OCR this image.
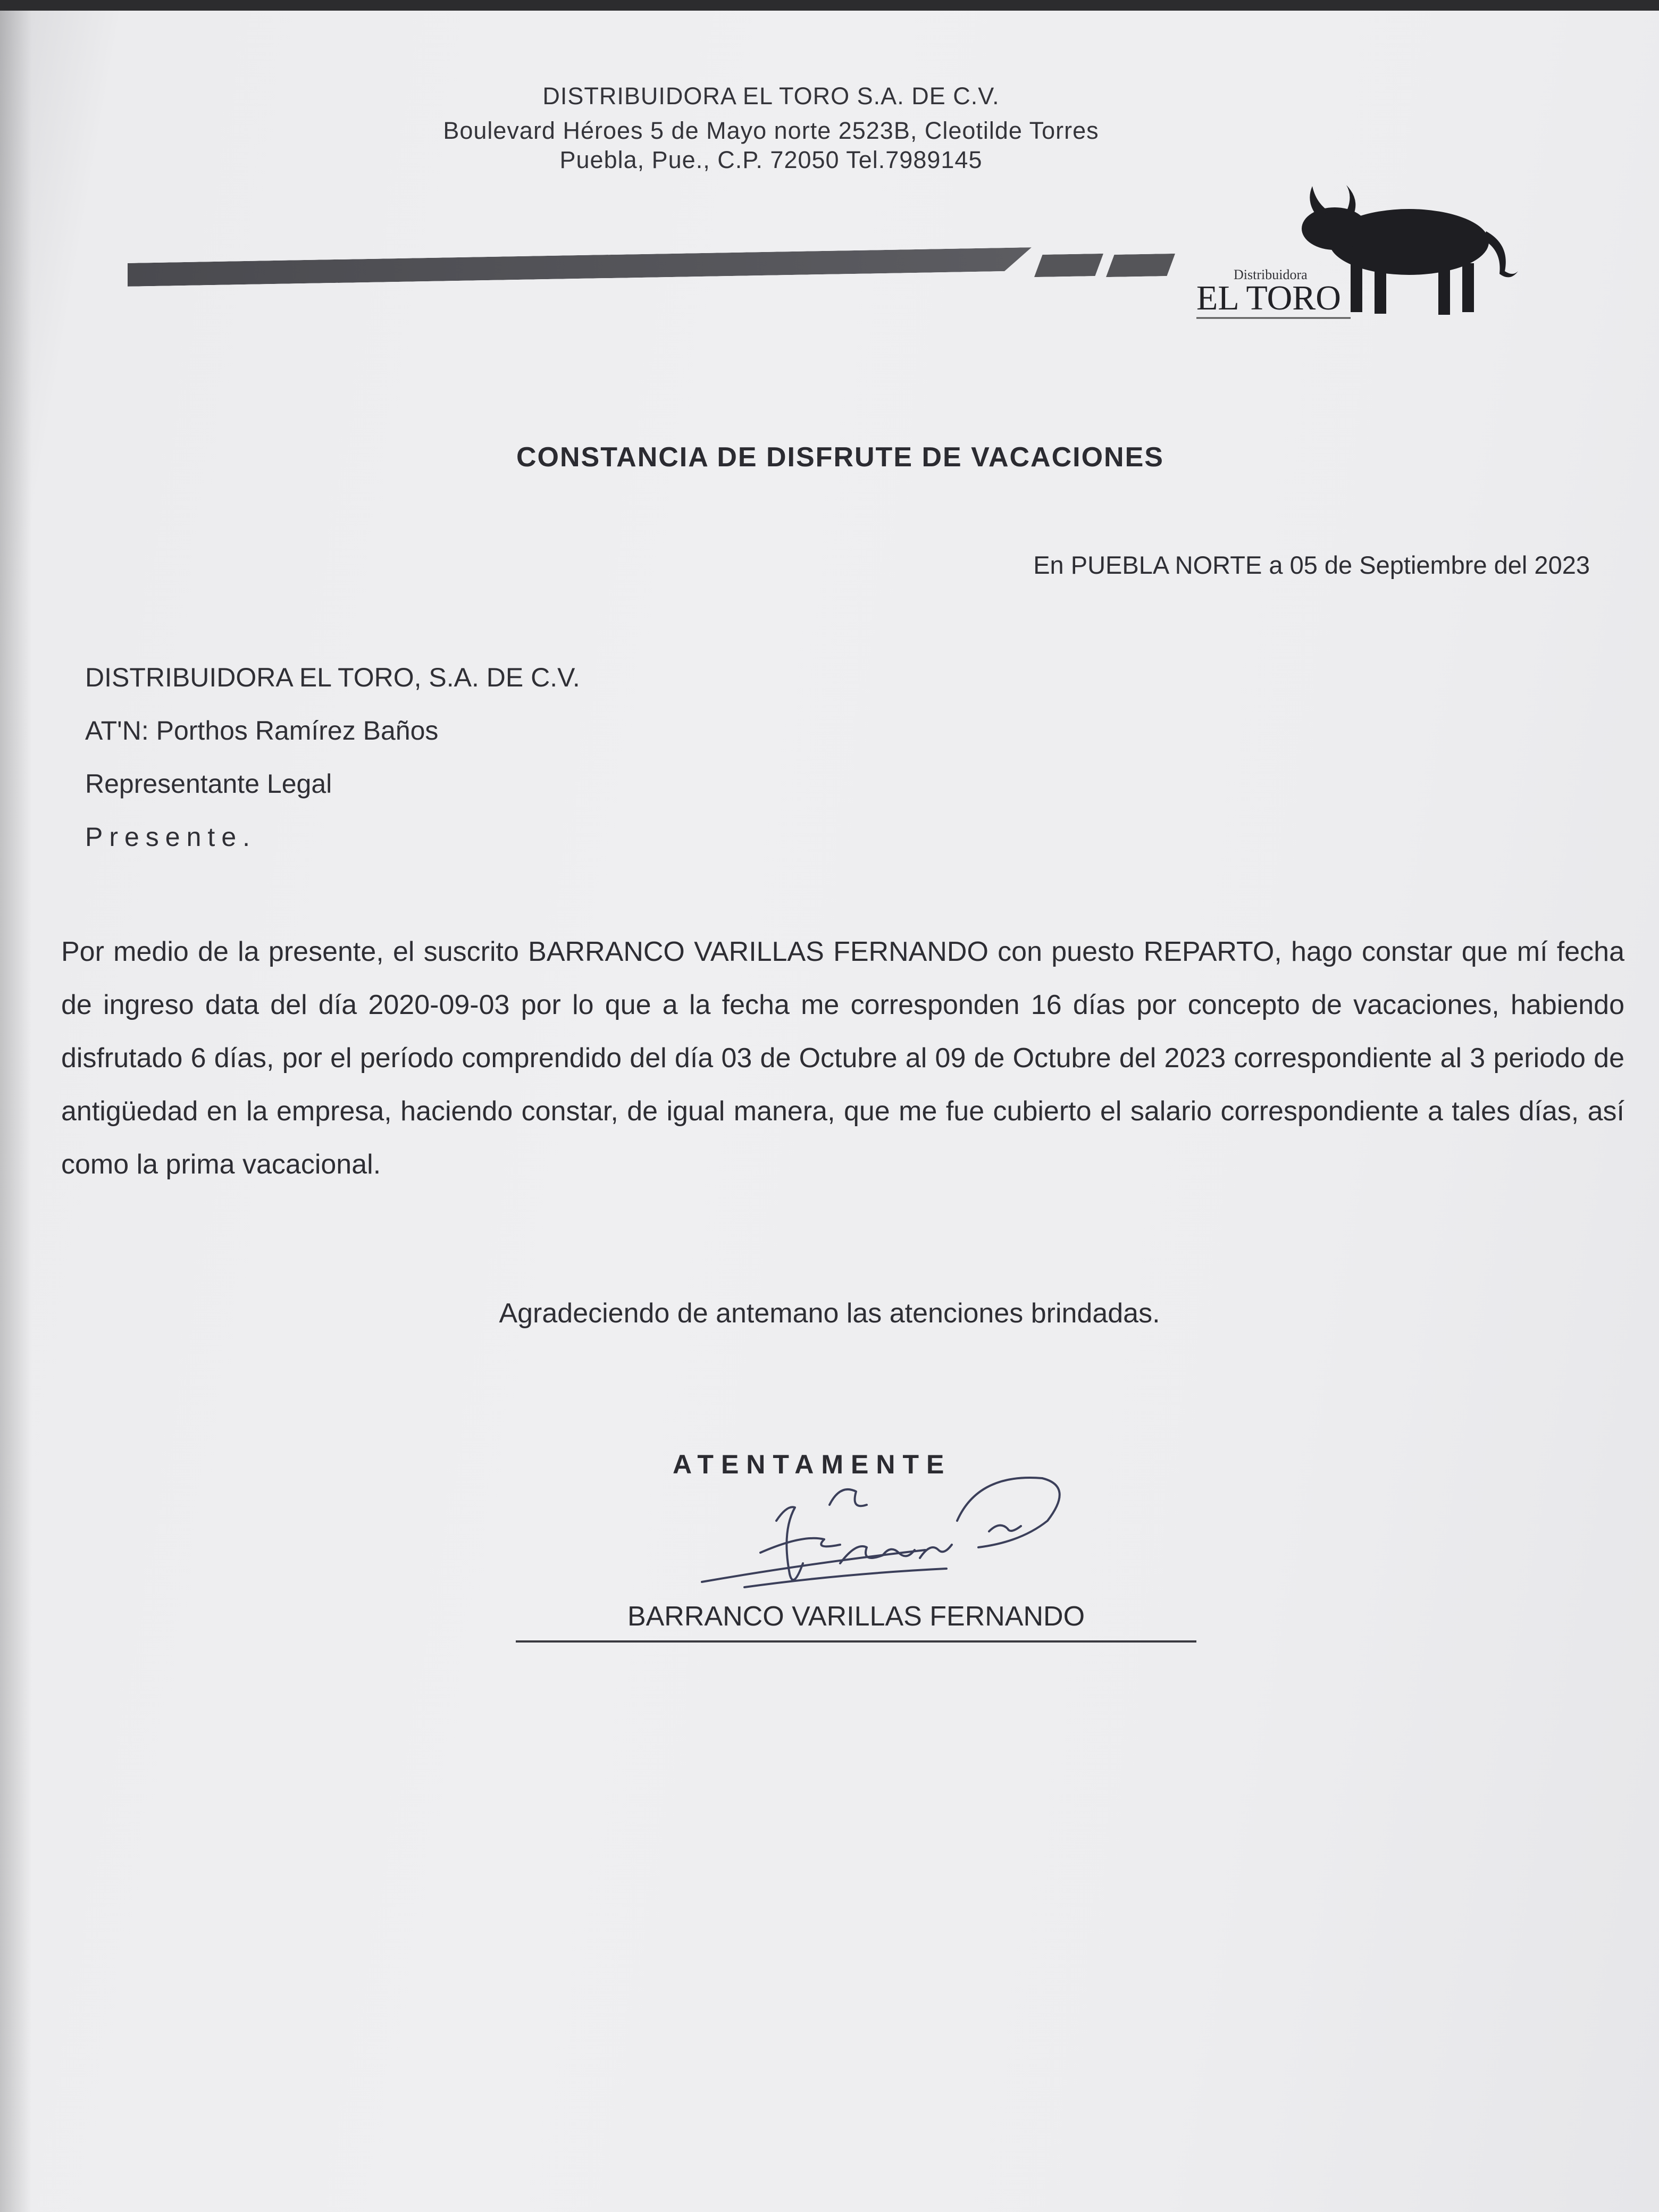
DISTRIBUIDORA EL TORO S.A. DE C.V.
Boulevard Héroes 5 de Mayo norte 2523B, Cleotilde Torres
Puebla, Pue., C.P. 72050 Tel.7989145
Distribuidora
EL TORO
CONSTANCIA DE DISFRUTE DE VACACIONES
En PUEBLA NORTE a 05 de Septiembre del 2023
DISTRIBUIDORA EL TORO, S.A. DE C.V.
AT'N: Porthos Ramírez Baños
Representante Legal
Presente.
Por medio de la presente, el suscrito BARRANCO VARILLAS FERNANDO con puesto REPARTO, hago constar que mí fecha de ingreso data del día 2020-09-03 por lo que a la fecha me corresponden 16 días por concepto de vacaciones, habiendo disfrutado 6 días, por el período comprendido del día 03 de Octubre al 09 de Octubre del 2023 correspondiente al 3 periodo de antigüedad en la empresa, haciendo constar, de igual manera, que me fue cubierto el salario correspondiente a tales días, así como la prima vacacional.
Agradeciendo de antemano las atenciones brindadas.
ATENTAMENTE
BARRANCO VARILLAS FERNANDO
